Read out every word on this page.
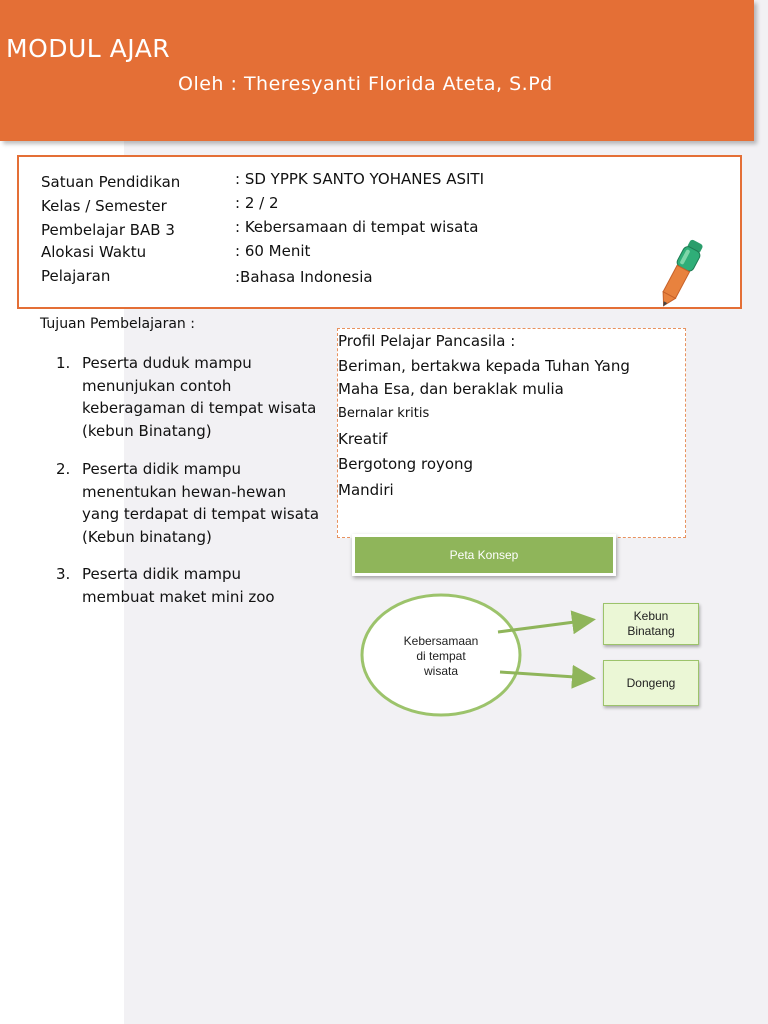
MODUL AJAR
Oleh : Theresyanti Florida Ateta, S.Pd
Satuan Pendidikan	: SD YPPK SANTO YOHANES ASITI
Kelas / Semester	: 2 / 2
Pembelajar BAB 3	: Kebersamaan di tempat wisata
Alokasi Waktu	: 60 Menit
Pelajaran	:Bahasa Indonesia
Tujuan Pembelajaran :
1. Peserta duduk mampu
menunjukan contoh
keberagaman di tempat wisata
(kebun Binatang)
2. Peserta didik mampu
menentukan hewan-hewan
yang terdapat di tempat wisata
(Kebun binatang)
3. Peserta didik mampu
membuat maket mini zoo
Profil Pelajar Pancasila :
Beriman, bertakwa kepada Tuhan Yang
Maha Esa, dan beraklak mulia
Bernalar kritis
Kreatif
Bergotong royong
Mandiri
Peta Konsep
Kebersamaan
di tempat
wisata
Kebun
Binatang
Dongeng
